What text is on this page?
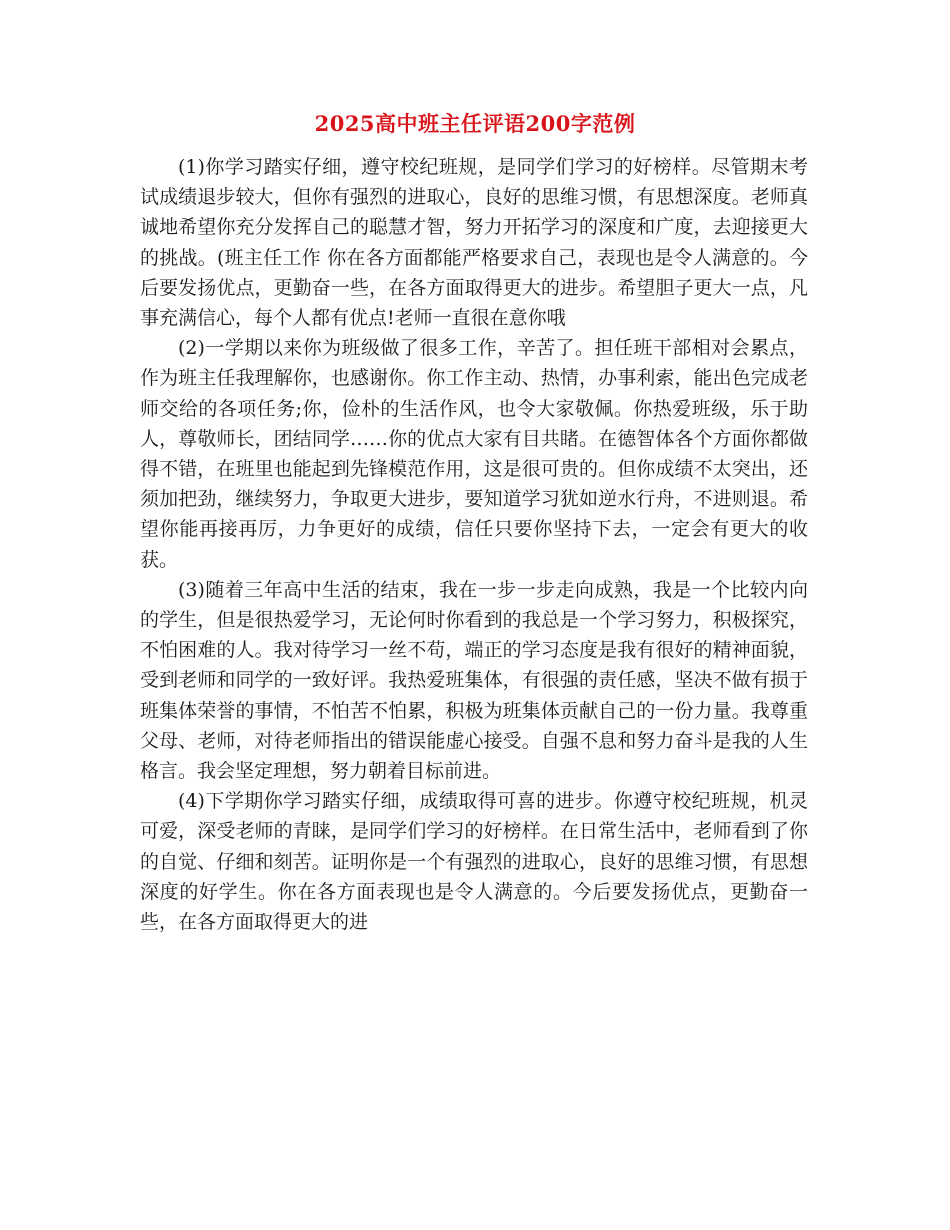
2025高中班主任评语200字范例

(1)你学习踏实仔细，遵守校纪班规，是同学们学习的好榜样。尽管期末考试成绩退步较大，但你有强烈的进取心，良好的思维习惯，有思想深度。老师真诚地希望你充分发挥自己的聪慧才智，努力开拓学习的深度和广度，去迎接更大的挑战。(班主任工作 你在各方面都能严格要求自己，表现也是令人满意的。今后要发扬优点，更勤奋一些，在各方面取得更大的进步。希望胆子更大一点，凡事充满信心，每个人都有优点!老师一直很在意你哦

(2)一学期以来你为班级做了很多工作，辛苦了。担任班干部相对会累点，作为班主任我理解你，也感谢你。你工作主动、热情，办事利索，能出色完成老师交给的各项任务;你，俭朴的生活作风，也令大家敬佩。你热爱班级，乐于助人，尊敬师长，团结同学……你的优点大家有目共睹。在德智体各个方面你都做得不错，在班里也能起到先锋模范作用，这是很可贵的。但你成绩不太突出，还须加把劲，继续努力，争取更大进步，要知道学习犹如逆水行舟，不进则退。希望你能再接再厉，力争更好的成绩，信任只要你坚持下去，一定会有更大的收获。

(3)随着三年高中生活的结束，我在一步一步走向成熟，我是一个比较内向的学生，但是很热爱学习，无论何时你看到的我总是一个学习努力，积极探究，不怕困难的人。我对待学习一丝不苟，端正的学习态度是我有很好的精神面貌，受到老师和同学的一致好评。我热爱班集体，有很强的责任感，坚决不做有损于班集体荣誉的事情，不怕苦不怕累，积极为班集体贡献自己的一份力量。我尊重父母、老师，对待老师指出的错误能虚心接受。自强不息和努力奋斗是我的人生格言。我会坚定理想，努力朝着目标前进。

(4)下学期你学习踏实仔细，成绩取得可喜的进步。你遵守校纪班规，机灵可爱，深受老师的青睐，是同学们学习的好榜样。在日常生活中，老师看到了你的自觉、仔细和刻苦。证明你是一个有强烈的进取心，良好的思维习惯，有思想深度的好学生。你在各方面表现也是令人满意的。今后要发扬优点，更勤奋一些，在各方面取得更大的进
